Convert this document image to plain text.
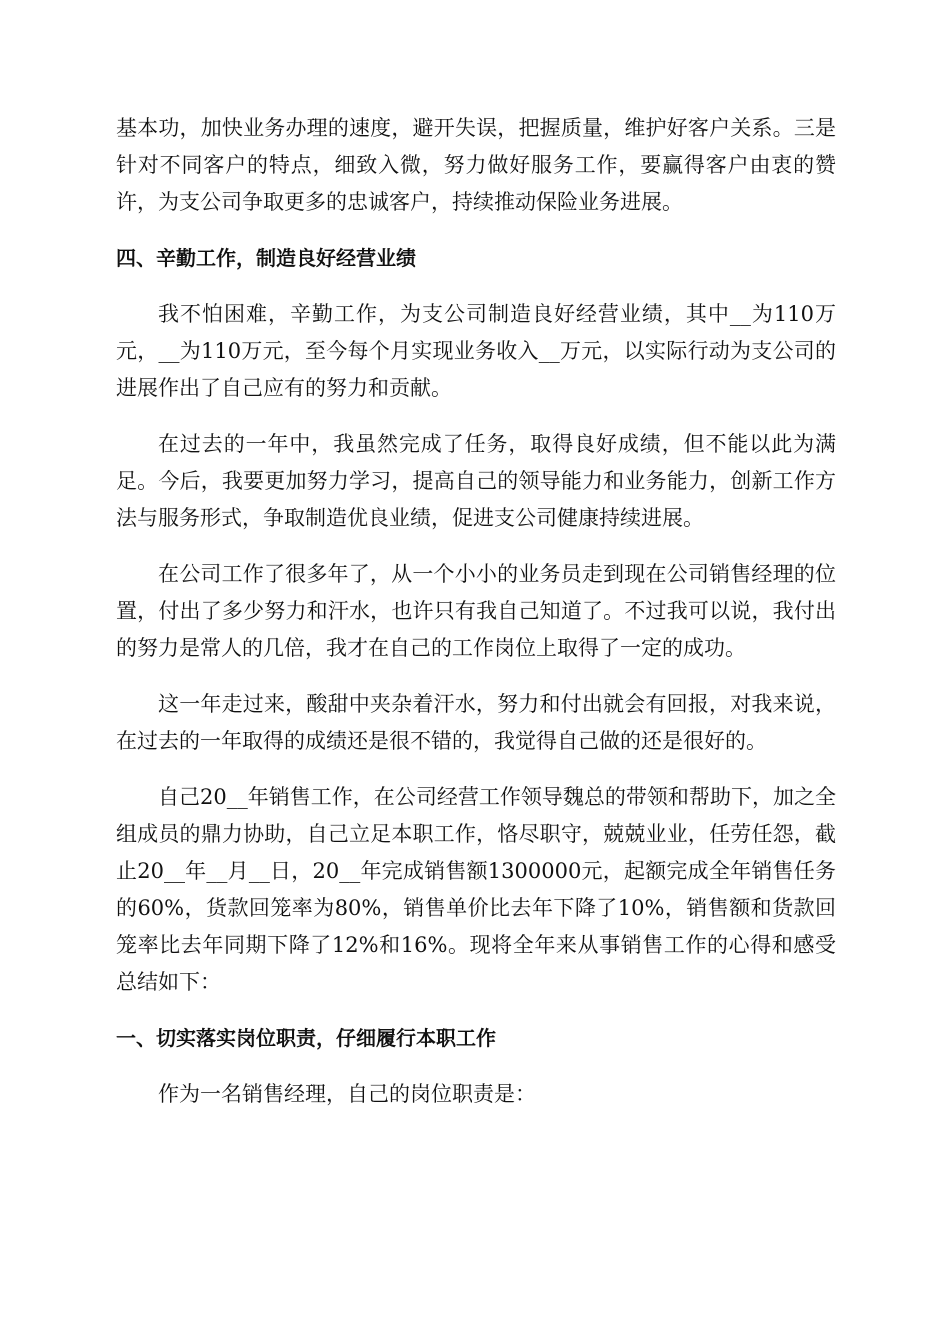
基本功，加快业务办理的速度，避开失误，把握质量，维护好客户关系。三是针对不同客户的特点，细致入微，努力做好服务工作，要赢得客户由衷的赞许，为支公司争取更多的忠诚客户，持续推动保险业务进展。

四、辛勤工作，制造良好经营业绩

我不怕困难，辛勤工作，为支公司制造良好经营业绩，其中__为110万元，__为110万元，至今每个月实现业务收入__万元，以实际行动为支公司的进展作出了自己应有的努力和贡献。

在过去的一年中，我虽然完成了任务，取得良好成绩，但不能以此为满足。今后，我要更加努力学习，提高自己的领导能力和业务能力，创新工作方法与服务形式，争取制造优良业绩，促进支公司健康持续进展。

在公司工作了很多年了，从一个小小的业务员走到现在公司销售经理的位置，付出了多少努力和汗水，也许只有我自己知道了。不过我可以说，我付出的努力是常人的几倍，我才在自己的工作岗位上取得了一定的成功。

这一年走过来，酸甜中夹杂着汗水，努力和付出就会有回报，对我来说，在过去的一年取得的成绩还是很不错的，我觉得自己做的还是很好的。

自己20__年销售工作，在公司经营工作领导魏总的带领和帮助下，加之全组成员的鼎力协助，自己立足本职工作，恪尽职守，兢兢业业，任劳任怨，截止20__年__月__日，20__年完成销售额1300000元，起额完成全年销售任务的60%，货款回笼率为80%，销售单价比去年下降了10%，销售额和货款回笼率比去年同期下降了12%和16%。现将全年来从事销售工作的心得和感受总结如下：

一、切实落实岗位职责，仔细履行本职工作

作为一名销售经理，自己的岗位职责是：
